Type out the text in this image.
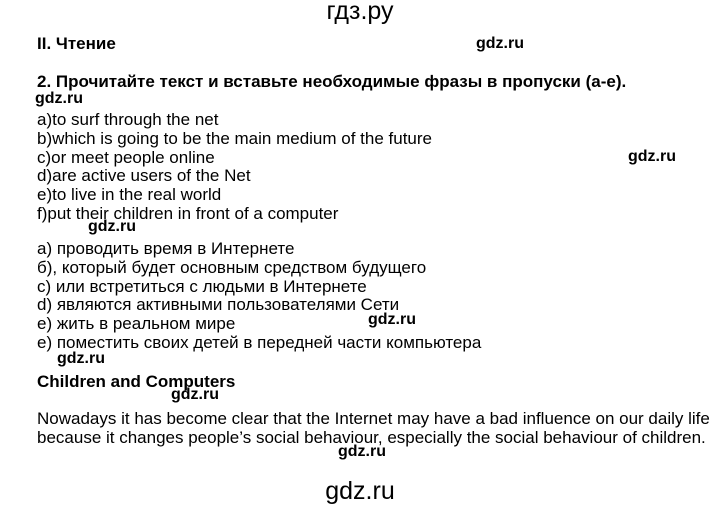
гдз.ру
II. Чтение	gdz.ru
2. Прочитайте текст и вставьте необходимые фразы в пропуски (a-e).
gdz.ru
a)to surf through the net
b)which is going to be the main medium of the future
c)or meet people online
d)are active users of the Net
e)to live in the real world
f)put their children in front of a computer
gdz.ru
gdz.ru
a) проводить время в Интернете
б), который будет основным средством будущего
c) или встретиться с людьми в Интернете
d) являются активными пользователями Сети
e) жить в реальном мире
e) поместить своих детей в передней части компьютера
gdz.ru
gdz.ru
Children and Computers
gdz.ru
Nowadays it has become clear that the Internet may have a bad influence on our daily life because it changes people’s social behaviour, especially the social behaviour of children.
gdz.ru
gdz.ru
